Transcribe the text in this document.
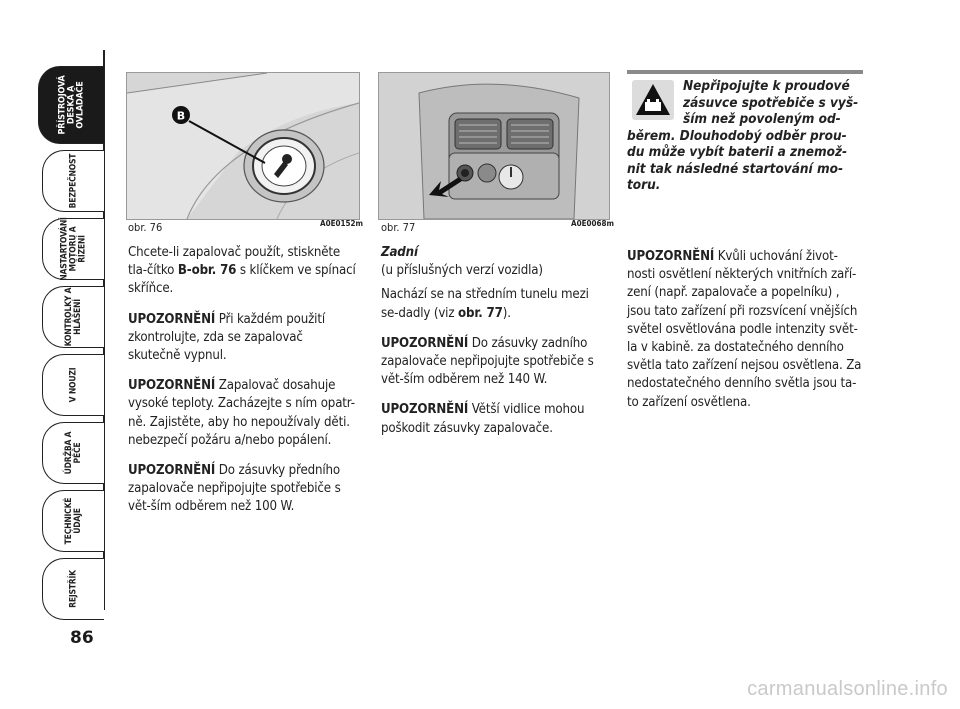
PŘÍSTROJOVÁ DESKA A OVLADAČE
BEZPEČNOST
NASTARTOVÁNÍ MOTORU A ŘÍZENÍ
KONTROLKY A HLÁŠENÍ
V NOUZI
ÚDRŽBA A PÉČE
TECHNICKÉ ÚDAJE
REJSTŘÍK
86
B
obr. 76	A0E0152m obr. 77	A0E0068m

Chcete-li zapalovač použít, stiskněte tla-čítko B-obr. 76 s klíčkem ve spínací skříňce.

UPOZORNĚNÍ Při každém použití zkontrolujte, zda se zapalovač skutečně vypnul.

UPOZORNĚNÍ Zapalovač dosahuje vysoké teploty. Zacházejte s ním opatr-ně. Zajistěte, aby ho nepoužívaly děti. nebezpečí požáru a/nebo popálení.

UPOZORNĚNÍ Do zásuvky předního zapalovače nepřipojujte spotřebiče s vět-ším odběrem než 100 W.

Zadní
(u příslušných verzí vozidla)

Nachází se na středním tunelu mezi se-dadly (viz obr. 77).

UPOZORNĚNÍ Do zásuvky zadního zapalovače nepřipojujte spotřebiče s vět-ším odběrem než 140 W.

UPOZORNĚNÍ Větší vidlice mohou poškodit zásuvky zapalovače.

Nepřipojujte k proudové
zásuvce spotřebiče s vyš-
ším než povoleným od-
běrem. Dlouhodobý odběr prou-
du může vybít baterii a znemož-
nit tak následné startování mo-
toru.

UPOZORNĚNÍ Kvůli uchování život-nosti osvětlení některých vnitřních zaří-zení (např. zapalovače a popelníku) , jsou tato zařízení při rozsvícení vnějších světel osvětlována podle intenzity svět-la v kabině. za dostatečného denního světla tato zařízení nejsou osvětlena. Za nedostatečného denního světla jsou ta-to zařízení osvětlena.

carmanualsonline.info
